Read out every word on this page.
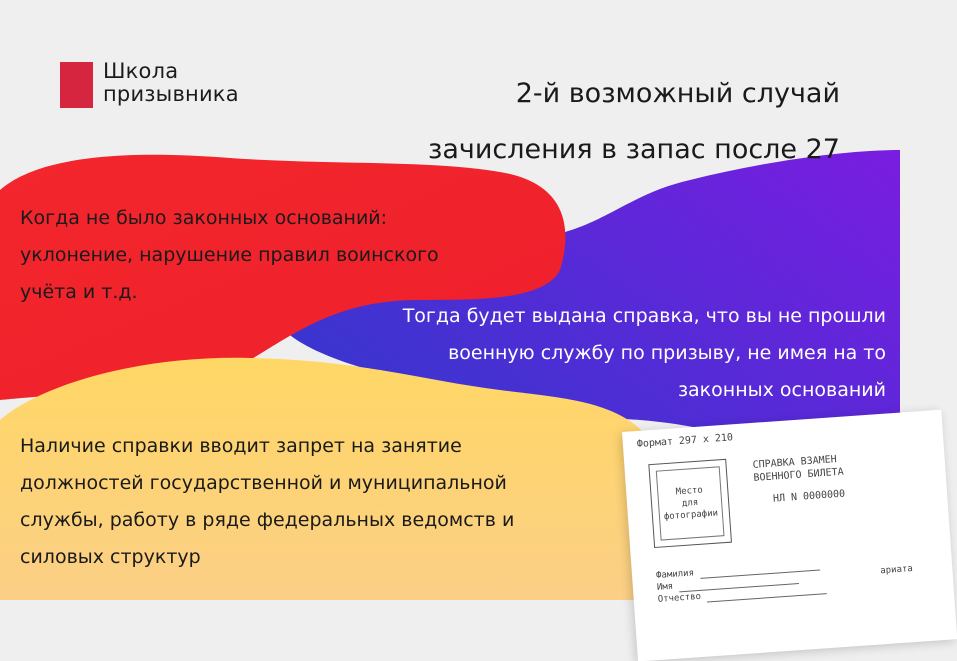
Школа
призывника	2-й возможный случай
зачисления в запас после 27
Когда не было законных оснований:
уклонение, нарушение правил воинского
учёта и т.д.
Тогда будет выдана справка, что вы не прошли
военную службу по призыву, не имея на то
законных оснований
Наличие справки вводит запрет на занятие
должностей государственной и муниципальной
службы, работу в ряде федеральных ведомств и
силовых структур
Формат 297 х 210
Место
для
фотографии
СПРАВКА ВЗАМЕН
ВОЕННОГО БИЛЕТА
НЛ N 0000000
Фамилия
Имя
Отчество
ариата
